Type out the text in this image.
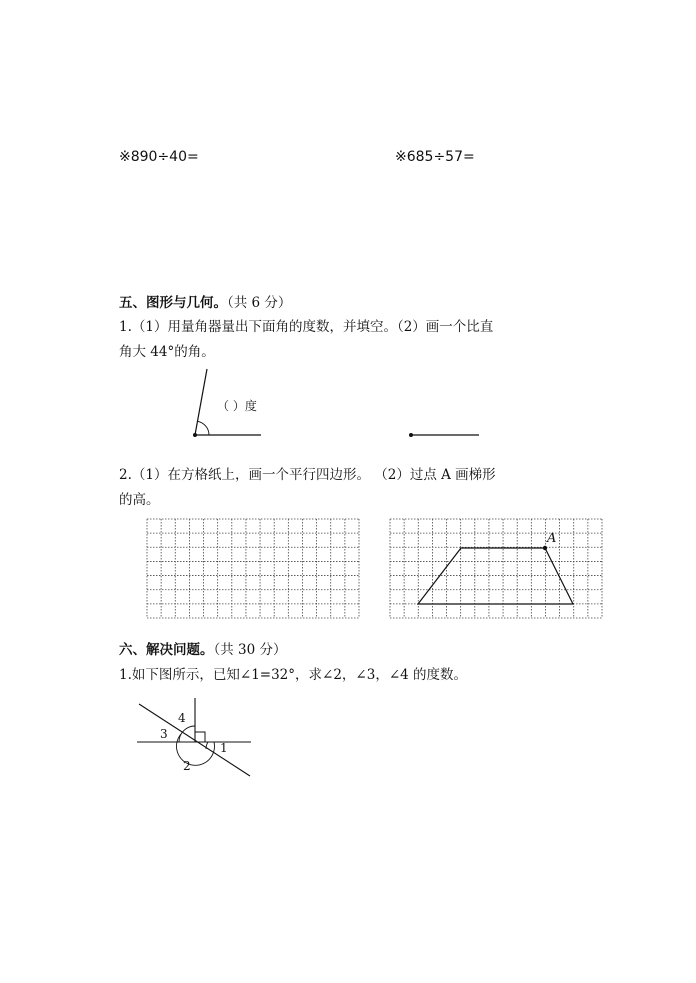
※890÷40=	※685÷57=
五、图形与几何。（共 6 分）
1.（1）用量角器量出下面角的度数，并填空。（2）画一个比直
角大 44°的角。
（ ）度
2.（1）在方格纸上，画一个平行四边形。 （2）过点 A 画梯形
的高。
A
六、解决问题。（共 30 分）
1.如下图所示，已知∠1=32°，求∠2，∠3，∠4 的度数。
4
3
1
2
